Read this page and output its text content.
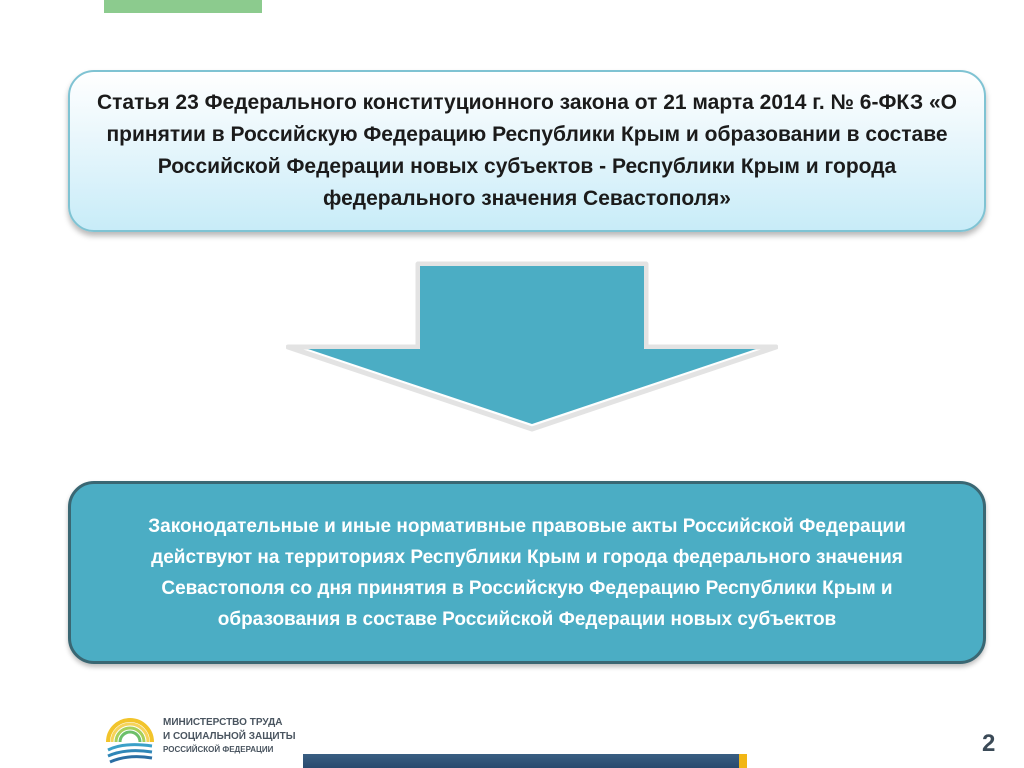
Статья 23 Федерального конституционного закона от 21 марта 2014 г. № 6-ФКЗ «О принятии в Российскую Федерацию Республики Крым и образовании в составе Российской Федерации новых субъектов - Республики Крым и города федерального значения Севастополя»

Законодательные и иные нормативные правовые акты Российской Федерации действуют на территориях Республики Крым и города федерального значения Севастополя со дня принятия в Российскую Федерацию Республики Крым и образования в составе Российской Федерации новых субъектов

МИНИСТЕРСТВО ТРУДА
И СОЦИАЛЬНОЙ ЗАЩИТЫ
РОССИЙСКОЙ ФЕДЕРАЦИИ	2
